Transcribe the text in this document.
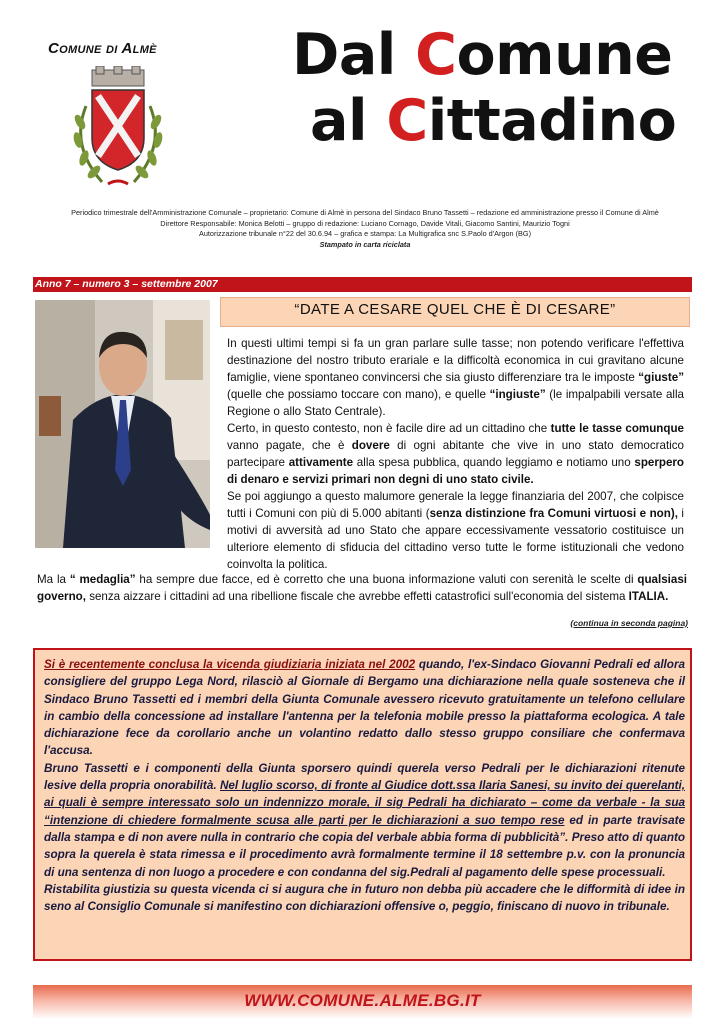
Comune di Almè Dal Comune
al Cittadino
Periodico trimestrale dell'Amministrazione Comunale – proprietario: Comune di Almè in persona del Sindaco Bruno Tassetti – redazione ed amministrazione presso il Comune di Almè
Direttore Responsabile: Monica Belotti – gruppo di redazione: Luciano Cornago, Davide Vitali, Giacomo Santini, Maurizio Togni
Autorizzazione tribunale n°22 del 30.6.94 – grafica e stampa: La Multigrafica snc S.Paolo d'Argon (BG)
Stampato in carta riciclata
Anno 7 – numero 3 – settembre 2007
“DATE A CESARE QUEL CHE È DI CESARE”

In questi ultimi tempi si fa un gran parlare sulle tasse; non potendo verificare l'effettiva destinazione del nostro tributo erariale e la difficoltà economica in cui gravitano alcune famiglie, viene spontaneo convincersi che sia giusto differenziare tra le imposte “giuste” (quelle che possiamo toccare con mano), e quelle “ingiuste” (le impalpabili versate alla Regione o allo Stato Centrale).

Certo, in questo contesto, non è facile dire ad un cittadino che tutte le tasse comunque vanno pagate, che è dovere di ogni abitante che vive in uno stato democratico partecipare attivamente alla spesa pubblica, quando leggiamo e notiamo uno sperpero di denaro e servizi primari non degni di uno stato civile.

Se poi aggiungo a questo malumore generale la legge finanziaria del 2007, che colpisce tutti i Comuni con più di 5.000 abitanti (senza distinzione fra Comuni virtuosi e non), i motivi di avversità ad uno Stato che appare eccessivamente vessatorio costituisce un ulteriore elemento di sfiducia del cittadino verso tutte le forme istituzionali che vedono coinvolta la politica.

Ma la “ medaglia” ha sempre due facce, ed è corretto che una buona informazione valuti con serenità le scelte di qualsiasi governo, senza aizzare i cittadini ad una ribellione fiscale che avrebbe effetti catastrofici sull'economia del sistema ITALIA.
(continua in seconda pagina)

Si è recentemente conclusa la vicenda giudiziaria iniziata nel 2002 quando, l'ex-Sindaco Giovanni Pedrali ed allora consigliere del gruppo Lega Nord, rilasciò al Giornale di Bergamo una dichiarazione nella quale sosteneva che il Sindaco Bruno Tassetti ed i membri della Giunta Comunale avessero ricevuto gratuitamente un telefono cellulare in cambio della concessione ad installare l'antenna per la telefonia mobile presso la piattaforma ecologica. A tale dichiarazione fece da corollario anche un volantino redatto dallo stesso gruppo consiliare che confermava l'accusa.

Bruno Tassetti e i componenti della Giunta sporsero quindi querela verso Pedrali per le dichiarazioni ritenute lesive della propria onorabilità. Nel luglio scorso, di fronte al Giudice dott.ssa Ilaria Sanesi, su invito dei querelanti, ai quali è sempre interessato solo un indennizzo morale, il sig Pedrali ha dichiarato – come da verbale - la sua “intenzione di chiedere formalmente scusa alle parti per le dichiarazioni a suo tempo rese ed in parte travisate dalla stampa e di non avere nulla in contrario che copia del verbale abbia forma di pubblicità”. Preso atto di quanto sopra la querela è stata rimessa e il procedimento avrà formalmente termine il 18 settembre p.v. con la pronuncia di una sentenza di non luogo a procedere e con condanna del sig.Pedrali al pagamento delle spese processuali.

Ristabilita giustizia su questa vicenda ci si augura che in futuro non debba più accadere che le difformità di idee in seno al Consiglio Comunale si manifestino con dichiarazioni offensive o, peggio, finiscano di nuovo in tribunale.

WWW.COMUNE.ALME.BG.IT
